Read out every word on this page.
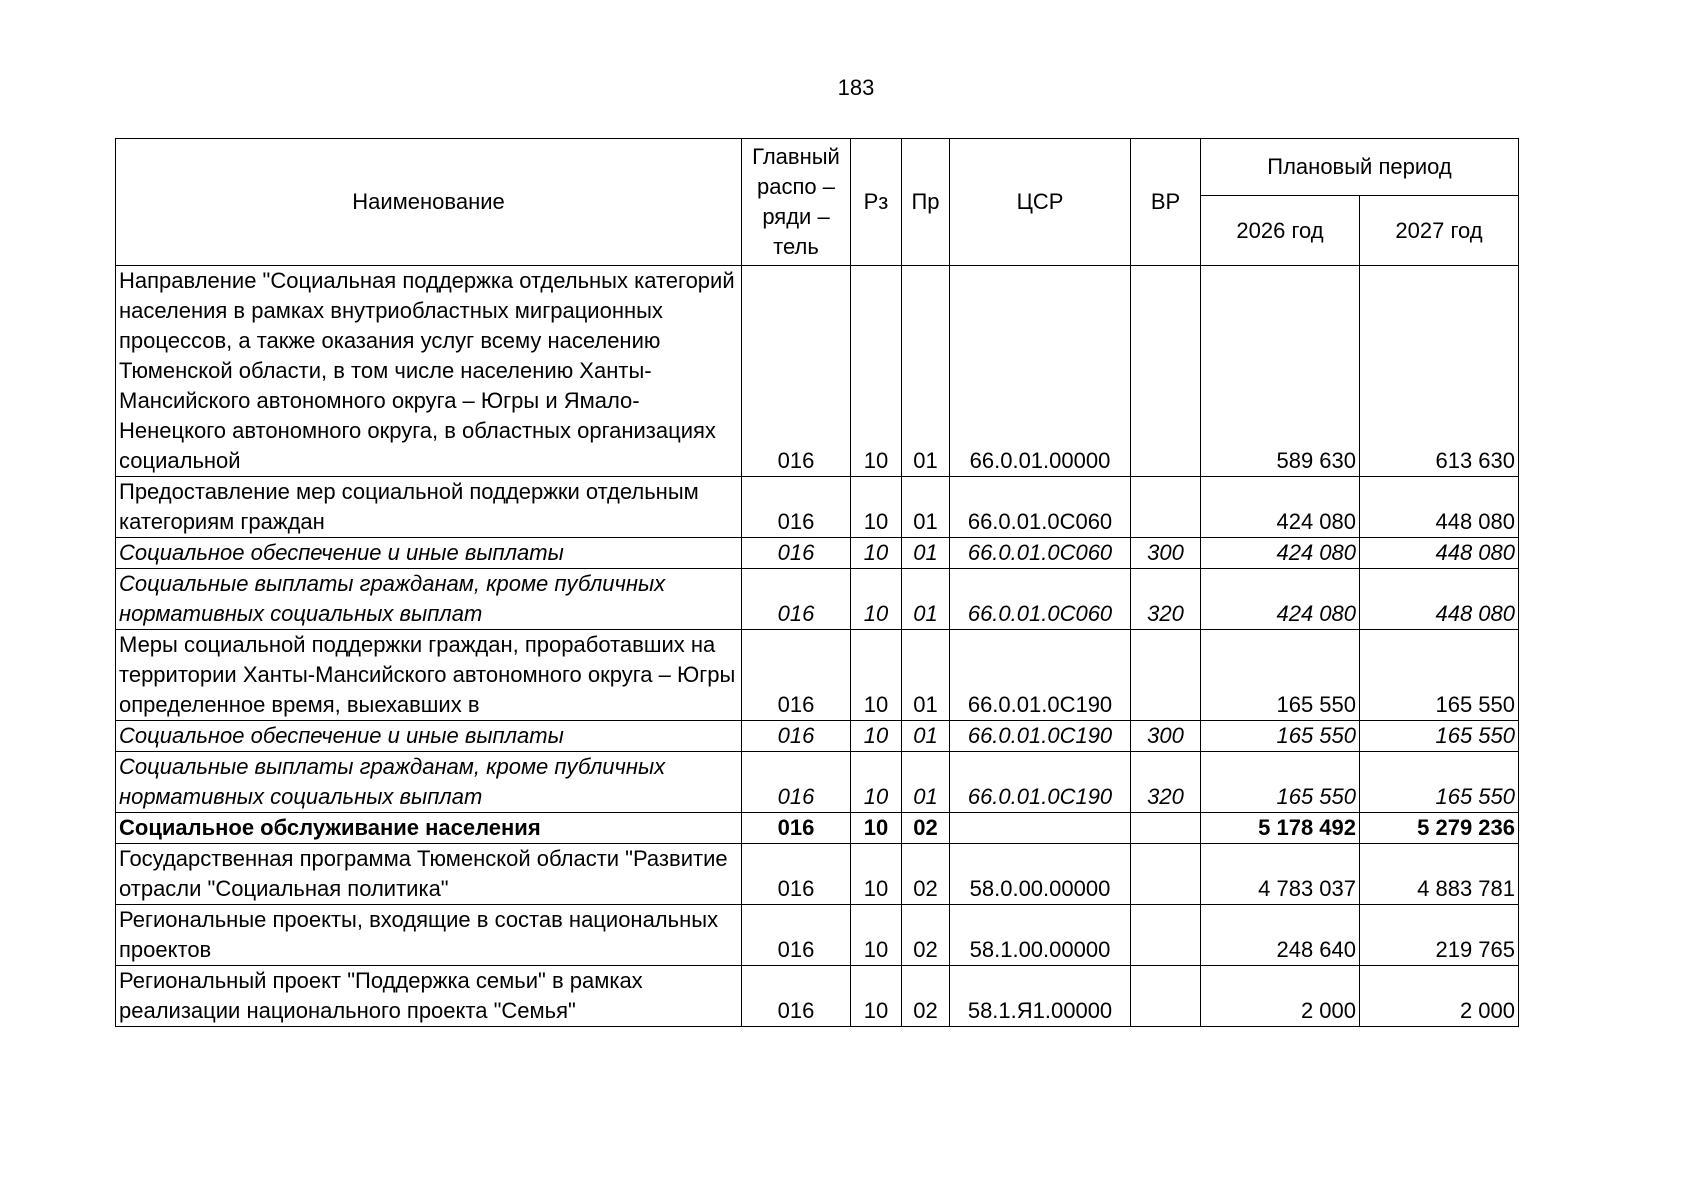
183
Наименование	Главный распо – ряди – тель	Рз	Пр	ЦСР	ВР	Плановый период	
						2026 год	2027 год
Направление "Социальная поддержка отдельных категорий населения в рамках внутриобластных миграционных процессов, а также оказания услуг всему населению Тюменской области, в том числе населению Ханты-Мансийского автономного округа – Югры и Ямало-Ненецкого автономного округа, в областных организациях социальной	016	10	01	66.0.01.00000		589 630	613 630
Предоставление мер социальной поддержки отдельным категориям граждан	016	10	01	66.0.01.0С060		424 080	448 080
Социальное обеспечение и иные выплаты	016	10	01	66.0.01.0С060	300	424 080	448 080
Социальные выплаты гражданам, кроме публичных нормативных социальных выплат	016	10	01	66.0.01.0С060	320	424 080	448 080
Меры социальной поддержки граждан, проработавших на территории Ханты-Мансийского автономного округа – Югры определенное время, выехавших в	016	10	01	66.0.01.0С190		165 550	165 550
Социальное обеспечение и иные выплаты	016	10	01	66.0.01.0С190	300	165 550	165 550
Социальные выплаты гражданам, кроме публичных нормативных социальных выплат	016	10	01	66.0.01.0С190	320	165 550	165 550
Социальное обслуживание населения	016	10	02			5 178 492	5 279 236
Государственная программа Тюменской области "Развитие отрасли "Социальная политика"	016	10	02	58.0.00.00000		4 783 037	4 883 781
Региональные проекты, входящие в состав национальных проектов	016	10	02	58.1.00.00000		248 640	219 765
Региональный проект "Поддержка семьи" в рамках реализации национального проекта "Семья"	016	10	02	58.1.Я1.00000		2 000	2 000
